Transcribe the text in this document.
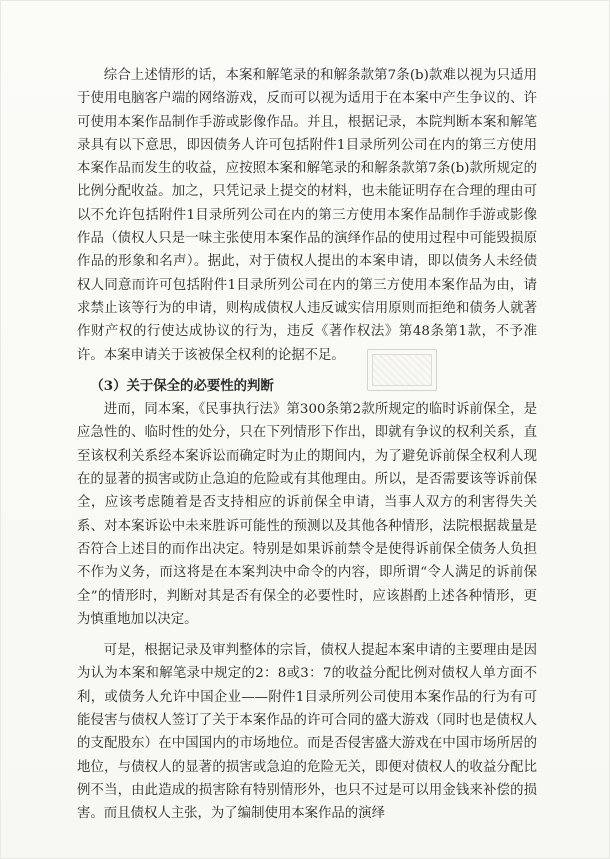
综合上述情形的话，本案和解笔录的和解条款第7条(b)款难以视为只适用于使用电脑客户端的网络游戏，反而可以视为适用于在本案中产生争议的、许可使用本案作品制作手游或影像作品。并且，根据记录，本院判断本案和解笔录具有以下意思，即因债务人许可包括附件1目录所列公司在内的第三方使用本案作品而发生的收益，应按照本案和解笔录的和解条款第7条(b)款所规定的比例分配收益。加之，只凭记录上提交的材料，也未能证明存在合理的理由可以不允许包括附件1目录所列公司在内的第三方使用本案作品制作手游或影像作品（债权人只是一味主张使用本案作品的演绎作品的使用过程中可能毁损原作品的形象和名声）。据此，对于债权人提出的本案申请，即以债务人未经债权人同意而许可包括附件1目录所列公司在内的第三方使用本案作品为由，请求禁止该等行为的申请，则构成债权人违反诚实信用原则而拒绝和债务人就著作财产权的行使达成协议的行为，违反《著作权法》第48条第1款，不予准许。本案申请关于该被保全权利的论据不足。

（3）关于保全的必要性的判断

进而，同本案，《民事执行法》第300条第2款所规定的临时诉前保全，是应急性的、临时性的处分，只在下列情形下作出，即就有争议的权利关系，直至该权利关系经本案诉讼而确定时为止的期间内，为了避免诉前保全权利人现在的显著的损害或防止急迫的危险或有其他理由。所以，是否需要该等诉前保全，应该考虑随着是否支持相应的诉前保全申请，当事人双方的利害得失关系、对本案诉讼中未来胜诉可能性的预测以及其他各种情形，法院根据裁量是否符合上述目的而作出决定。特别是如果诉前禁令是使得诉前保全债务人负担不作为义务，而这将是在本案判决中命令的内容，即所谓“令人满足的诉前保全”的情形时，判断对其是否有保全的必要性时，应该斟酌上述各种情形，更为慎重地加以决定。

可是，根据记录及审判整体的宗旨，债权人提起本案申请的主要理由是因为认为本案和解笔录中规定的2：8或3：7的收益分配比例对债权人单方面不利，或债务人允许中国企业——附件1目录所列公司使用本案作品的行为有可能侵害与债权人签订了关于本案作品的许可合同的盛大游戏（同时也是债权人的支配股东）在中国国内的市场地位。而是否侵害盛大游戏在中国市场所居的地位，与债权人的显著的损害或急迫的危险无关，即便对债权人的收益分配比例不当，由此造成的损害除有特别情形外，也只不过是可以用金钱来补偿的损害。而且债权人主张，为了编制使用本案作品的演绎
